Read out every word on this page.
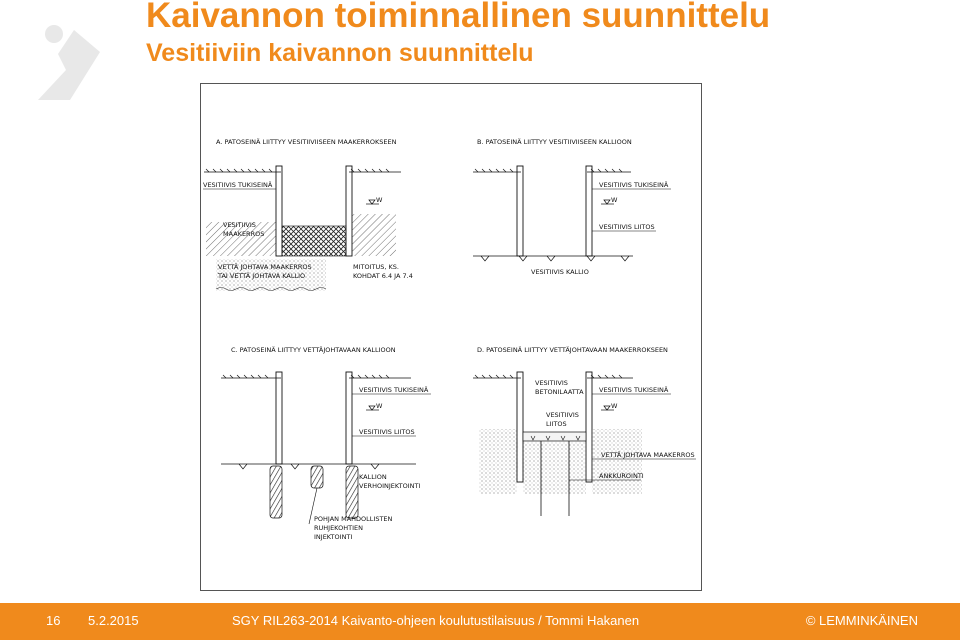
Kaivannon toiminnallinen suunnittelu
Vesitiiviin kaivannon suunnittelu
A. PATOSEINÄ LIITTYY VESITIIVIISEEN MAAKERROKSEEN
W
VESITIIVIS TUKISEINÄ
VESITIIVIS
MAAKERROS
VETTÄ JOHTAVA MAAKERROS
TAI VETTÄ JOHTAVA KALLIO
MITOITUS, KS.
KOHDAT 6.4 JA 7.4
B. PATOSEINÄ LIITTYY VESITIIVIISEEN KALLIOON
W
VESITIIVIS TUKISEINÄ
VESITIIVIS LIITOS
VESITIIVIS KALLIO
C. PATOSEINÄ LIITTYY VETTÄJOHTAVAAN KALLIOON
W
VESITIIVIS TUKISEINÄ
VESITIIVIS LIITOS
KALLION
VERHOINJEKTOINTI
POHJAN MAHDOLLISTEN
RUHJEKOHTIEN
INJEKTOINTI
D. PATOSEINÄ LIITTYY VETTÄJOHTAVAAN MAAKERROKSEEN
W
VESITIIVIS
BETONILAATTA VESITIIVIS TUKISEINÄ
VESITIIVIS
LIITOS
VETTÄ JOHTAVA MAAKERROS
ANKKUROINTI
16 5.2.2015	SGY RIL263-2014 Kaivanto-ohjeen koulutustilaisuus / Tommi Hakanen	© LEMMINKÄINEN
